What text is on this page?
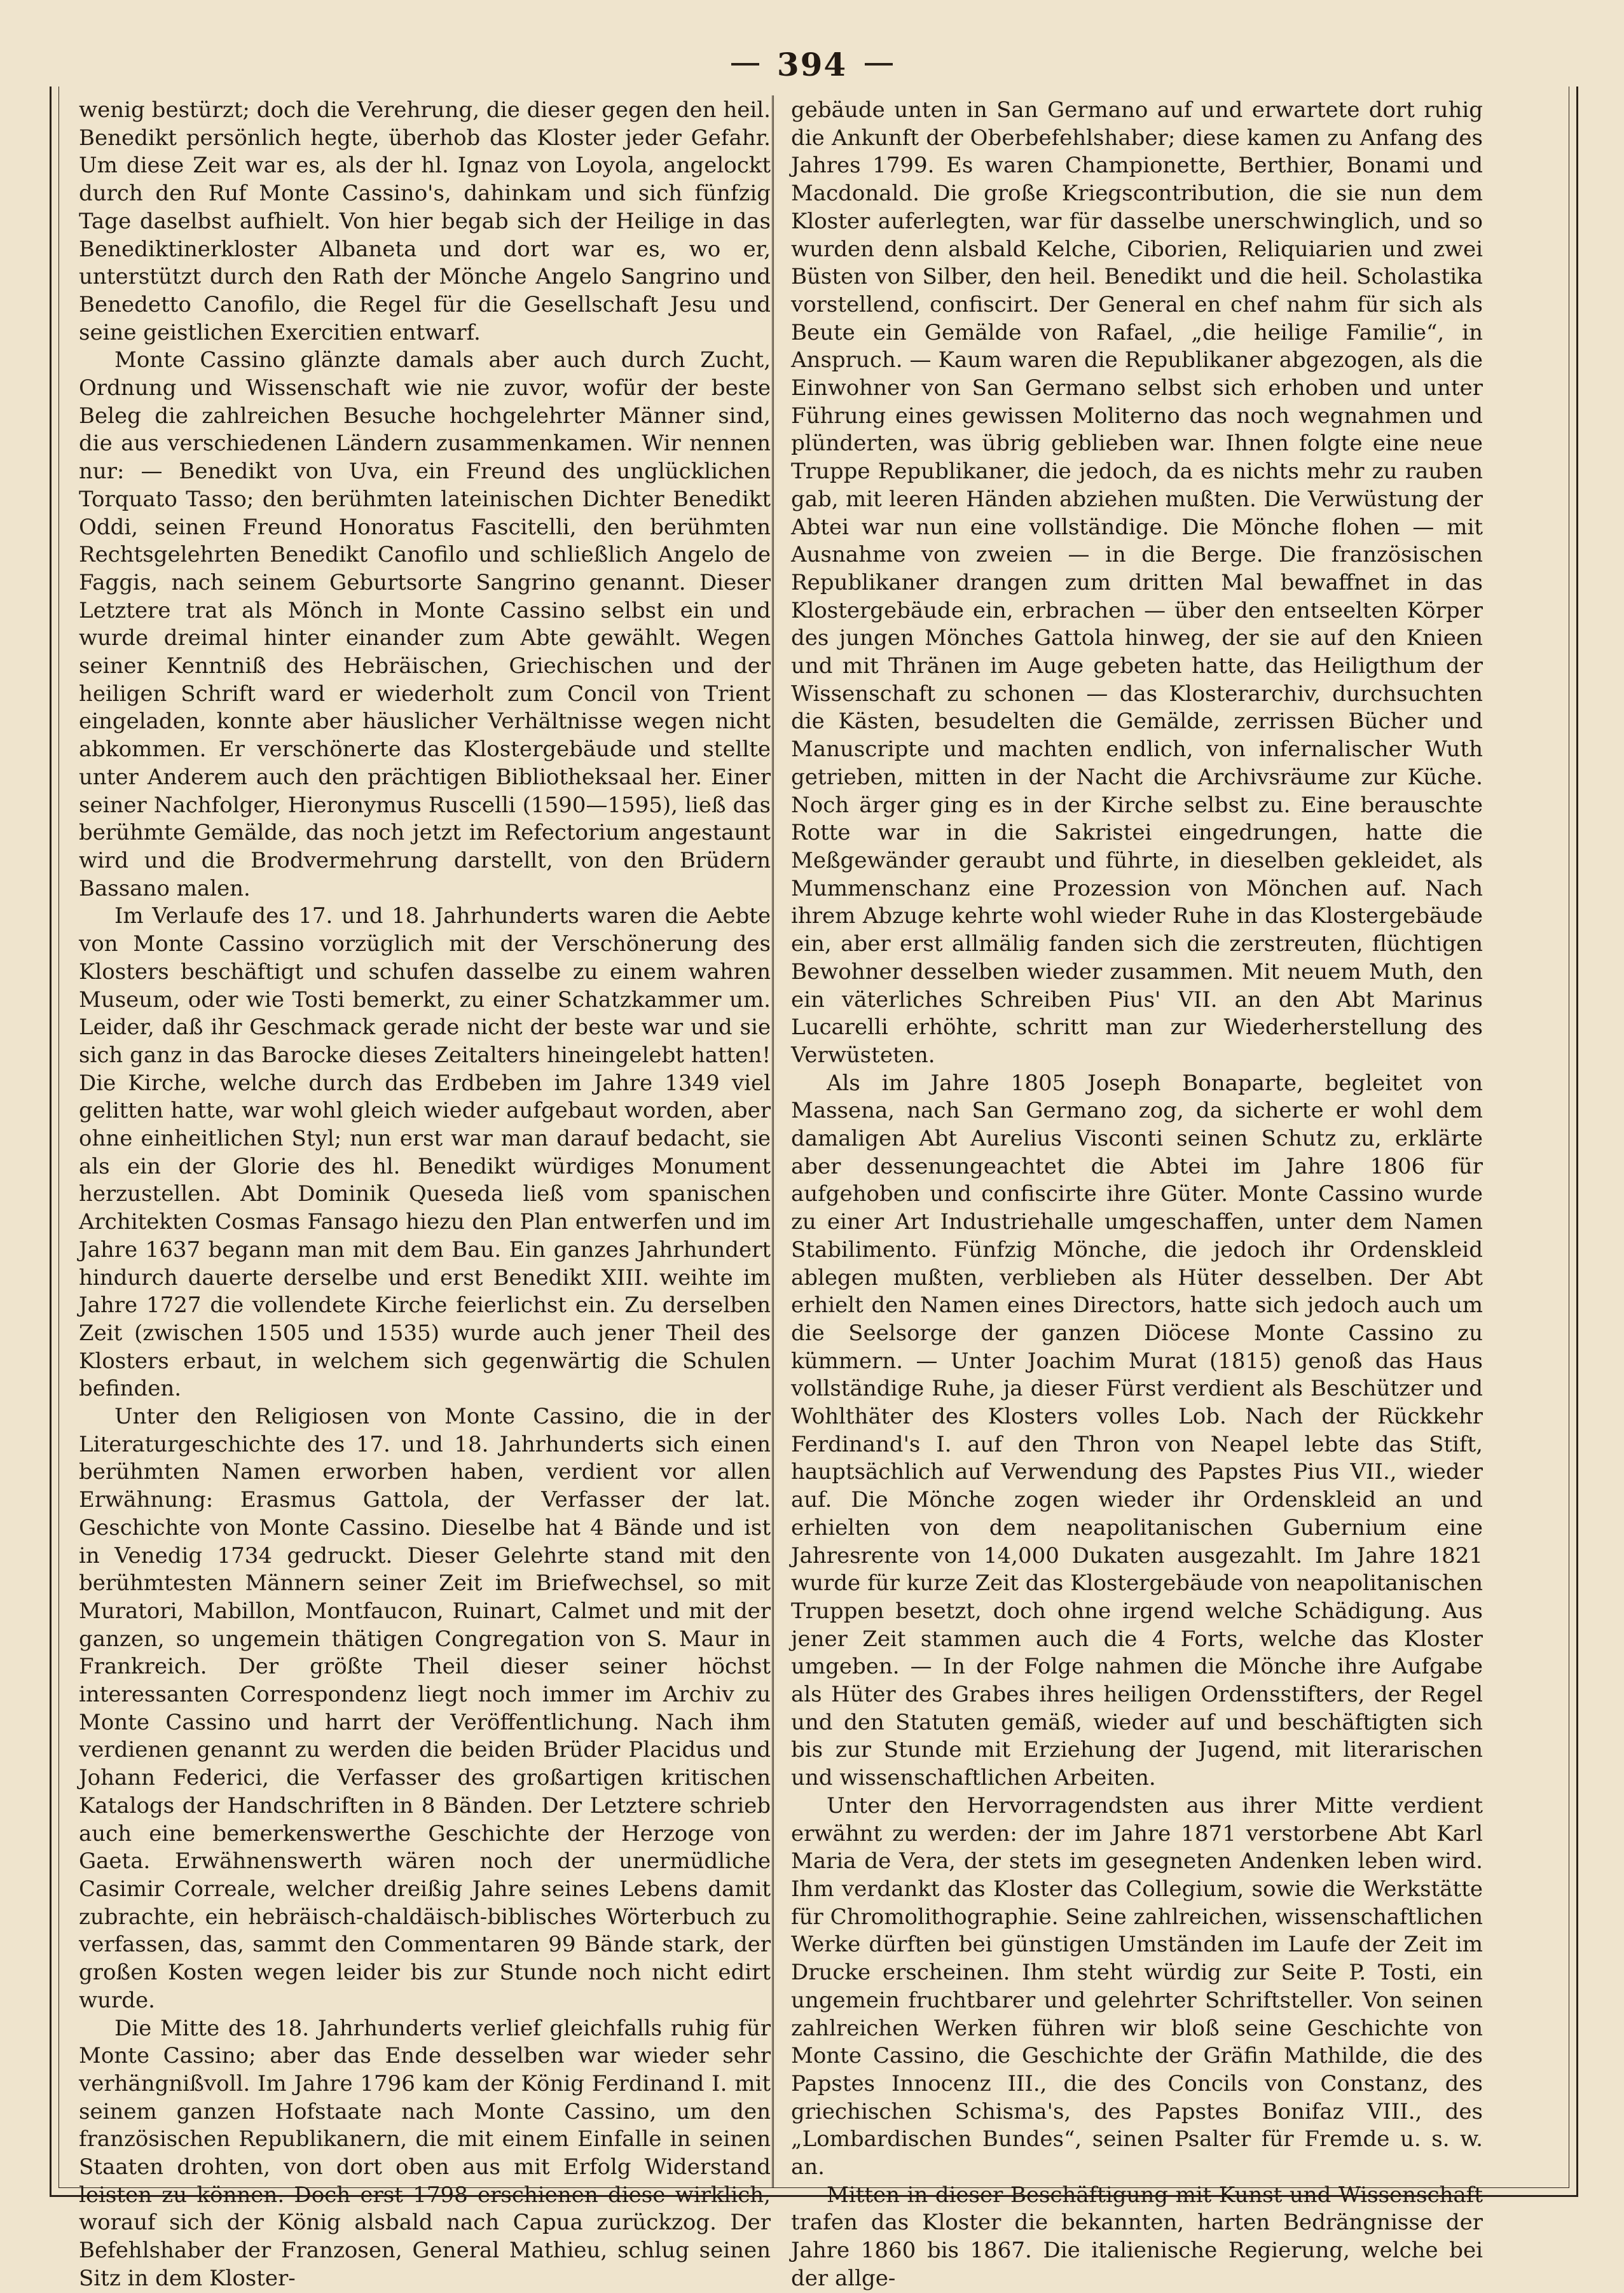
394

wenig bestürzt; doch die Verehrung, die dieser gegen den heil. Benedikt persönlich hegte, überhob das Kloster jeder Gefahr. Um diese Zeit war es, als der hl. Ignaz von Loyola, angelockt durch den Ruf Monte Cassino's, dahinkam und sich fünfzig Tage daselbst aufhielt. Von hier begab sich der Heilige in das Benediktinerkloster Albaneta und dort war es, wo er, unterstützt durch den Rath der Mönche Angelo Sangrino und Benedetto Canofilo, die Regel für die Gesellschaft Jesu und seine geistlichen Exercitien entwarf.

Monte Cassino glänzte damals aber auch durch Zucht, Ordnung und Wissenschaft wie nie zuvor, wofür der beste Beleg die zahlreichen Besuche hochgelehrter Männer sind, die aus verschiedenen Ländern zusammenkamen. Wir nennen nur: — Benedikt von Uva, ein Freund des unglücklichen Torquato Tasso; den berühmten lateinischen Dichter Benedikt Oddi, seinen Freund Honoratus Fascitelli, den berühmten Rechtsgelehrten Benedikt Canofilo und schließlich Angelo de Faggis, nach seinem Geburtsorte Sangrino genannt. Dieser Letztere trat als Mönch in Monte Cassino selbst ein und wurde dreimal hinter einander zum Abte gewählt. Wegen seiner Kenntniß des Hebräischen, Griechischen und der heiligen Schrift ward er wiederholt zum Concil von Trient eingeladen, konnte aber häuslicher Verhältnisse wegen nicht abkommen. Er verschönerte das Klostergebäude und stellte unter Anderem auch den prächtigen Bibliotheksaal her. Einer seiner Nachfolger, Hieronymus Ruscelli (1590—1595), ließ das berühmte Gemälde, das noch jetzt im Refectorium angestaunt wird und die Brodvermehrung darstellt, von den Brüdern Bassano malen.

Im Verlaufe des 17. und 18. Jahrhunderts waren die Aebte von Monte Cassino vorzüglich mit der Verschönerung des Klosters beschäftigt und schufen dasselbe zu einem wahren Museum, oder wie Tosti bemerkt, zu einer Schatzkammer um. Leider, daß ihr Geschmack gerade nicht der beste war und sie sich ganz in das Barocke dieses Zeitalters hineingelebt hatten! Die Kirche, welche durch das Erdbeben im Jahre 1349 viel gelitten hatte, war wohl gleich wieder aufgebaut worden, aber ohne einheitlichen Styl; nun erst war man darauf bedacht, sie als ein der Glorie des hl. Benedikt würdiges Monument herzustellen. Abt Dominik Queseda ließ vom spanischen Architekten Cosmas Fansago hiezu den Plan entwerfen und im Jahre 1637 begann man mit dem Bau. Ein ganzes Jahrhundert hindurch dauerte derselbe und erst Benedikt XIII. weihte im Jahre 1727 die vollendete Kirche feierlichst ein. Zu derselben Zeit (zwischen 1505 und 1535) wurde auch jener Theil des Klosters erbaut, in welchem sich gegenwärtig die Schulen befinden.

Unter den Religiosen von Monte Cassino, die in der Literaturgeschichte des 17. und 18. Jahrhunderts sich einen berühmten Namen erworben haben, verdient vor allen Erwähnung: Erasmus Gattola, der Verfasser der lat. Geschichte von Monte Cassino. Dieselbe hat 4 Bände und ist in Venedig 1734 gedruckt. Dieser Gelehrte stand mit den berühmtesten Männern seiner Zeit im Briefwechsel, so mit Muratori, Mabillon, Montfaucon, Ruinart, Calmet und mit der ganzen, so ungemein thätigen Congregation von S. Maur in Frankreich. Der größte Theil dieser seiner höchst interessanten Correspondenz liegt noch immer im Archiv zu Monte Cassino und harrt der Veröffentlichung. Nach ihm verdienen genannt zu werden die beiden Brüder Placidus und Johann Federici, die Verfasser des großartigen kritischen Katalogs der Handschriften in 8 Bänden. Der Letztere schrieb auch eine bemerkenswerthe Geschichte der Herzoge von Gaeta. Erwähnenswerth wären noch der unermüdliche Casimir Correale, welcher dreißig Jahre seines Lebens damit zubrachte, ein hebräisch-chaldäisch-biblisches Wörterbuch zu verfassen, das, sammt den Commentaren 99 Bände stark, der großen Kosten wegen leider bis zur Stunde noch nicht edirt wurde.

Die Mitte des 18. Jahrhunderts verlief gleichfalls ruhig für Monte Cassino; aber das Ende desselben war wieder sehr verhängnißvoll. Im Jahre 1796 kam der König Ferdinand I. mit seinem ganzen Hofstaate nach Monte Cassino, um den französischen Republikanern, die mit einem Einfalle in seinen Staaten drohten, von dort oben aus mit Erfolg Widerstand leisten zu können. Doch erst 1798 erschienen diese wirklich, worauf sich der König alsbald nach Capua zurückzog. Der Befehlshaber der Franzosen, General Mathieu, schlug seinen Sitz in dem Kloster-

gebäude unten in San Germano auf und erwartete dort ruhig die Ankunft der Oberbefehlshaber; diese kamen zu Anfang des Jahres 1799. Es waren Championette, Berthier, Bonami und Macdonald. Die große Kriegscontribution, die sie nun dem Kloster auferlegten, war für dasselbe unerschwinglich, und so wurden denn alsbald Kelche, Ciborien, Reliquiarien und zwei Büsten von Silber, den heil. Benedikt und die heil. Scholastika vorstellend, confiscirt. Der General en chef nahm für sich als Beute ein Gemälde von Rafael, „die heilige Familie“, in Anspruch. — Kaum waren die Republikaner abgezogen, als die Einwohner von San Germano selbst sich erhoben und unter Führung eines gewissen Moliterno das noch wegnahmen und plünderten, was übrig geblieben war. Ihnen folgte eine neue Truppe Republikaner, die jedoch, da es nichts mehr zu rauben gab, mit leeren Händen abziehen mußten. Die Verwüstung der Abtei war nun eine vollständige. Die Mönche flohen — mit Ausnahme von zweien — in die Berge. Die französischen Republikaner drangen zum dritten Mal bewaffnet in das Klostergebäude ein, erbrachen — über den entseelten Körper des jungen Mönches Gattola hinweg, der sie auf den Knieen und mit Thränen im Auge gebeten hatte, das Heiligthum der Wissenschaft zu schonen — das Klosterarchiv, durchsuchten die Kästen, besudelten die Gemälde, zerrissen Bücher und Manuscripte und machten endlich, von infernalischer Wuth getrieben, mitten in der Nacht die Archivsräume zur Küche. Noch ärger ging es in der Kirche selbst zu. Eine berauschte Rotte war in die Sakristei eingedrungen, hatte die Meßgewänder geraubt und führte, in dieselben gekleidet, als Mummenschanz eine Prozession von Mönchen auf. Nach ihrem Abzuge kehrte wohl wieder Ruhe in das Klostergebäude ein, aber erst allmälig fanden sich die zerstreuten, flüchtigen Bewohner desselben wieder zusammen. Mit neuem Muth, den ein väterliches Schreiben Pius' VII. an den Abt Marinus Lucarelli erhöhte, schritt man zur Wiederherstellung des Verwüsteten.

Als im Jahre 1805 Joseph Bonaparte, begleitet von Massena, nach San Germano zog, da sicherte er wohl dem damaligen Abt Aurelius Visconti seinen Schutz zu, erklärte aber dessenungeachtet die Abtei im Jahre 1806 für aufgehoben und confiscirte ihre Güter. Monte Cassino wurde zu einer Art Industriehalle umgeschaffen, unter dem Namen Stabilimento. Fünfzig Mönche, die jedoch ihr Ordenskleid ablegen mußten, verblieben als Hüter desselben. Der Abt erhielt den Namen eines Directors, hatte sich jedoch auch um die Seelsorge der ganzen Diöcese Monte Cassino zu kümmern. — Unter Joachim Murat (1815) genoß das Haus vollständige Ruhe, ja dieser Fürst verdient als Beschützer und Wohlthäter des Klosters volles Lob. Nach der Rückkehr Ferdinand's I. auf den Thron von Neapel lebte das Stift, hauptsächlich auf Verwendung des Papstes Pius VII., wieder auf. Die Mönche zogen wieder ihr Ordenskleid an und erhielten von dem neapolitanischen Gubernium eine Jahresrente von 14,000 Dukaten ausgezahlt. Im Jahre 1821 wurde für kurze Zeit das Klostergebäude von neapolitanischen Truppen besetzt, doch ohne irgend welche Schädigung. Aus jener Zeit stammen auch die 4 Forts, welche das Kloster umgeben. — In der Folge nahmen die Mönche ihre Aufgabe als Hüter des Grabes ihres heiligen Ordensstifters, der Regel und den Statuten gemäß, wieder auf und beschäftigten sich bis zur Stunde mit Erziehung der Jugend, mit literarischen und wissenschaftlichen Arbeiten.

Unter den Hervorragendsten aus ihrer Mitte verdient erwähnt zu werden: der im Jahre 1871 verstorbene Abt Karl Maria de Vera, der stets im gesegneten Andenken leben wird. Ihm verdankt das Kloster das Collegium, sowie die Werkstätte für Chromolithographie. Seine zahlreichen, wissenschaftlichen Werke dürften bei günstigen Umständen im Laufe der Zeit im Drucke erscheinen. Ihm steht würdig zur Seite P. Tosti, ein ungemein fruchtbarer und gelehrter Schriftsteller. Von seinen zahlreichen Werken führen wir bloß seine Geschichte von Monte Cassino, die Geschichte der Gräfin Mathilde, die des Papstes Innocenz III., die des Concils von Constanz, des griechischen Schisma's, des Papstes Bonifaz VIII., des „Lombardischen Bundes“, seinen Psalter für Fremde u. s. w. an.

Mitten in dieser Beschäftigung mit Kunst und Wissenschaft trafen das Kloster die bekannten, harten Bedrängnisse der Jahre 1860 bis 1867. Die italienische Regierung, welche bei der allge-
